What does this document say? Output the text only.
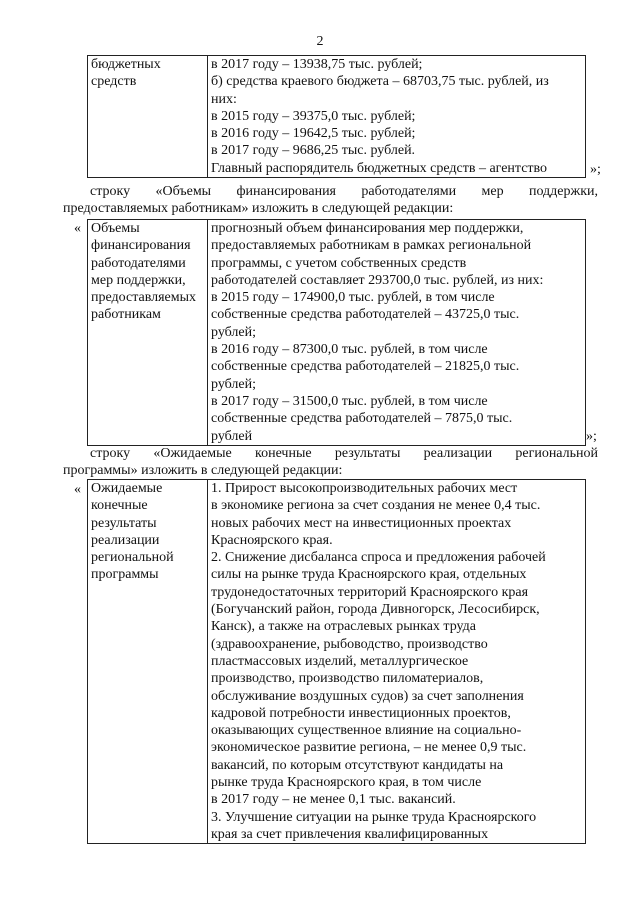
2
бюджетных
средств

в 2017 году – 13938,75 тыс. рублей;
б) средства краевого бюджета – 68703,75 тыс. рублей, из
них:
в 2015 году – 39375,0 тыс. рублей;
в 2016 году – 19642,5 тыс. рублей;
в 2017 году – 9686,25 тыс. рублей.
Главный распорядитель бюджетных средств – агентство	»;
строку «Объемы финансирования работодателями мер поддержки,
предоставляемых работникам» изложить в следующей редакции:
« Объемы
финансирования
работодателями
мер поддержки,
предоставляемых
работникам

прогнозный объем финансирования мер поддержки,
предоставляемых работникам в рамках региональной
программы, с учетом собственных средств
работодателей составляет 293700,0 тыс. рублей, из них:
в 2015 году – 174900,0 тыс. рублей, в том числе
собственные средства работодателей – 43725,0 тыс.
рублей;
в 2016 году – 87300,0 тыс. рублей, в том числе
собственные средства работодателей – 21825,0 тыс.
рублей;
в 2017 году – 31500,0 тыс. рублей, в том числе
собственные средства работодателей – 7875,0 тыс.
рублей	»;
строку «Ожидаемые конечные результаты реализации региональной
программы» изложить в следующей редакции:
« Ожидаемые
конечные
результаты
реализации
региональной
программы

1. Прирост высокопроизводительных рабочих мест
в экономике региона за счет создания не менее 0,4 тыс.
новых рабочих мест на инвестиционных проектах
Красноярского края.
2. Снижение дисбаланса спроса и предложения рабочей
силы на рынке труда Красноярского края, отдельных
трудонедостаточных территорий Красноярского края
(Богучанский район, города Дивногорск, Лесосибирск,
Канск), а также на отраслевых рынках труда
(здравоохранение, рыбоводство, производство
пластмассовых изделий, металлургическое
производство, производство пиломатериалов,
обслуживание воздушных судов) за счет заполнения
кадровой потребности инвестиционных проектов,
оказывающих существенное влияние на социально-
экономическое развитие региона, – не менее 0,9 тыс.
вакансий, по которым отсутствуют кандидаты на
рынке труда Красноярского края, в том числе
в 2017 году – не менее 0,1 тыс. вакансий.
3. Улучшение ситуации на рынке труда Красноярского
края за счет привлечения квалифицированных
